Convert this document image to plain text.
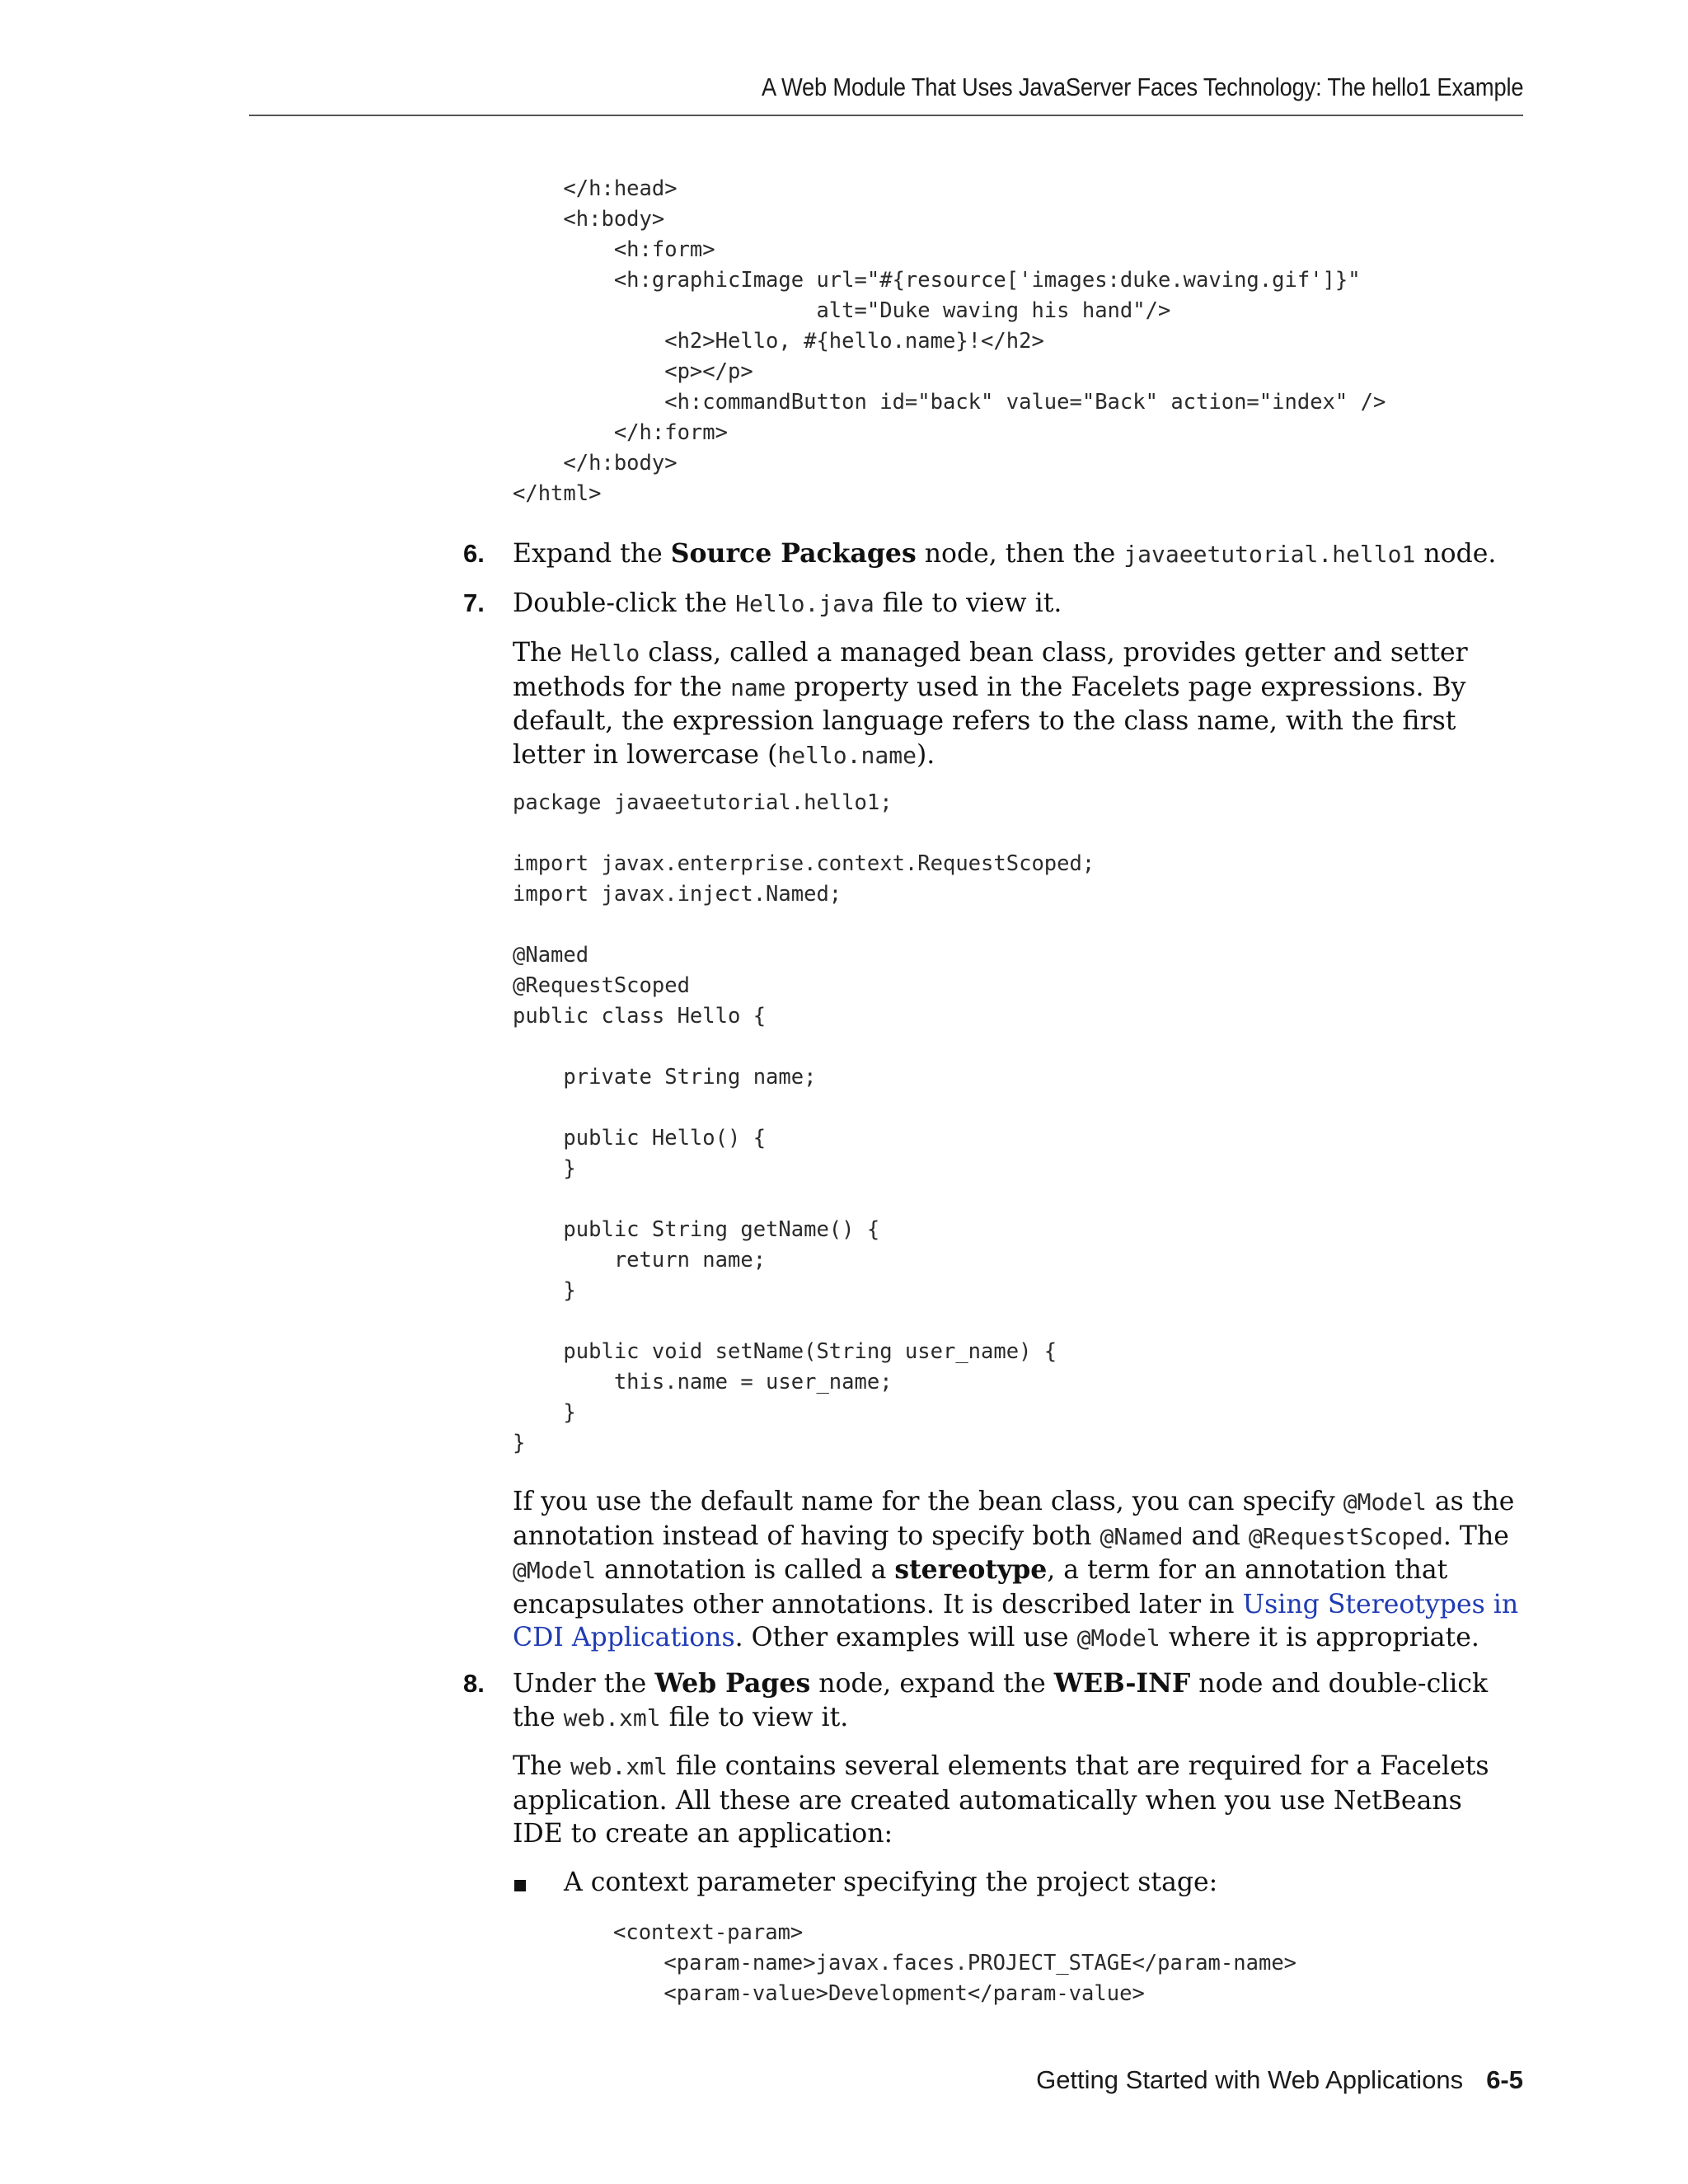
A Web Module That Uses JavaServer Faces Technology: The hello1 Example
</h:head>
<h:body>
<h:form>
<h:graphicImage url="#{resource['images:duke.waving.gif']}"
alt="Duke waving his hand"/>
<h2>Hello, #{hello.name}!</h2>
<p></p>
<h:commandButton id="back" value="Back" action="index" />
</h:form>
</h:body>
</html>
6. Expand the Source Packages node, then the javaeetutorial.hello1 node.
7. Double-click the Hello.java file to view it.
The Hello class, called a managed bean class, provides getter and setter methods for the name property used in the Facelets page expressions. By default, the expression language refers to the class name, with the first letter in lowercase (hello.name).
package javaeetutorial.hello1;

import javax.enterprise.context.RequestScoped;
import javax.inject.Named;

@Named
@RequestScoped
public class Hello {

private String name;

public Hello() {
}

public String getName() {
return name;
}

public void setName(String user_name) {
this.name = user_name;
}
}
If you use the default name for the bean class, you can specify @Model as the annotation instead of having to specify both @Named and @RequestScoped. The @Model annotation is called a stereotype, a term for an annotation that encapsulates other annotations. It is described later in Using Stereotypes in CDI Applications. Other examples will use @Model where it is appropriate.
8. Under the Web Pages node, expand the WEB-INF node and double-click the web.xml file to view it.
The web.xml file contains several elements that are required for a Facelets application. All these are created automatically when you use NetBeans IDE to create an application:
A context parameter specifying the project stage:
<context-param>
<param-name>javax.faces.PROJECT_STAGE</param-name>
<param-value>Development</param-value>
Getting Started with Web Applications 6-5
